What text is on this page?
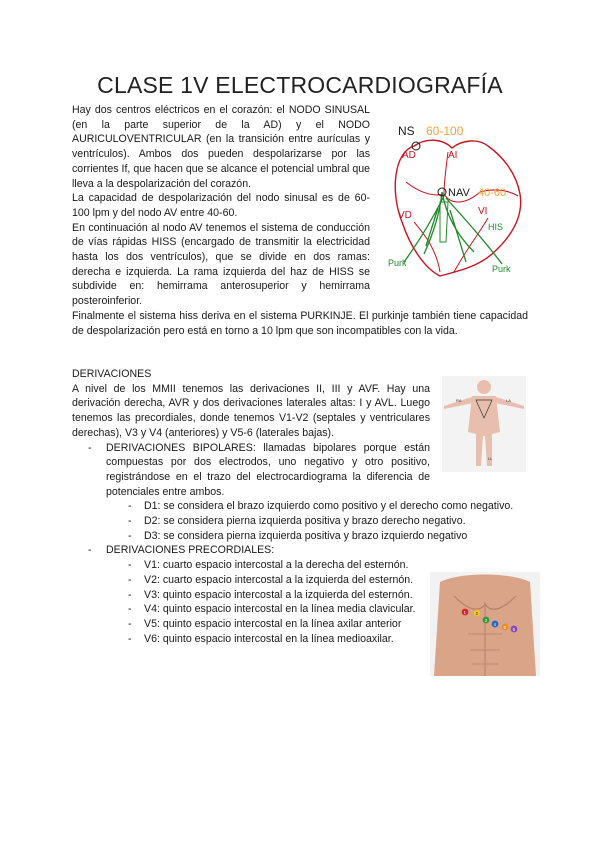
CLASE 1V ELECTROCARDIOGRAFÍA
NS 60-100
AD	AI
NAV 40-60
VD	VI
HIS
Purk
Purk
Hay dos centros eléctricos en el corazón: el NODO SINUSAL (en la parte superior de la AD) y el NODO AURICULOVENTRICULAR (en la transición entre aurículas y ventrículos). Ambos dos pueden despolarizarse por las corrientes If, que hacen que se alcance el potencial umbral que lleva a la despolarización del corazón.
La capacidad de despolarización del nodo sinusal es de 60-100 lpm y del nodo AV entre 40-60.
En continuación al nodo AV tenemos el sistema de conducción de vías rápidas HISS (encargado de transmitir la electricidad hasta los dos ventrículos), que se divide en dos ramas: derecha e izquierda. La rama izquierda del haz de HISS se subdivide en: hemirrama anterosuperior y hemirrama posteroinferior.
Finalmente el sistema hiss deriva en el sistema PURKINJE. El purkinje también tiene capacidad de despolarización pero está en torno a 10 lpm que son incompatibles con la vida.
DERIVACIONES
A nivel de los MMII tenemos las derivaciones II, III y AVF. Hay una derivación derecha, AVR y dos derivaciones laterales altas: I y AVL. Luego tenemos las precordiales, donde tenemos V1-V2 (septales y ventriculares derechas), V3 y V4 (anteriores) y V5-6 (laterales bajas).
- DERIVACIONES BIPOLARES: llamadas bipolares porque están compuestas por dos electrodos, uno negativo y otro positivo, registrándose en el trazo del electrocardiograma la diferencia de potenciales entre ambos.
- D1: se considera el brazo izquierdo como positivo y el derecho como negativo.
- D2: se considera pierna izquierda positiva y brazo derecho negativo.
- D3: se considera pierna izquierda positiva y brazo izquierdo negativo
- DERIVACIONES PRECORDIALES:
- V1: cuarto espacio intercostal a la derecha del esternón.
- V2: cuarto espacio intercostal a la izquierda del esternón.
- V3: quinto espacio intercostal a la izquierda del esternón.
- V4: quinto espacio intercostal en la línea media clavicular.
- V5: quinto espacio intercostal en la línea axilar anterior
- V6: quinto espacio intercostal en la línea medioaxilar.
RA	LA
LL
1 2
3
4
5 6
